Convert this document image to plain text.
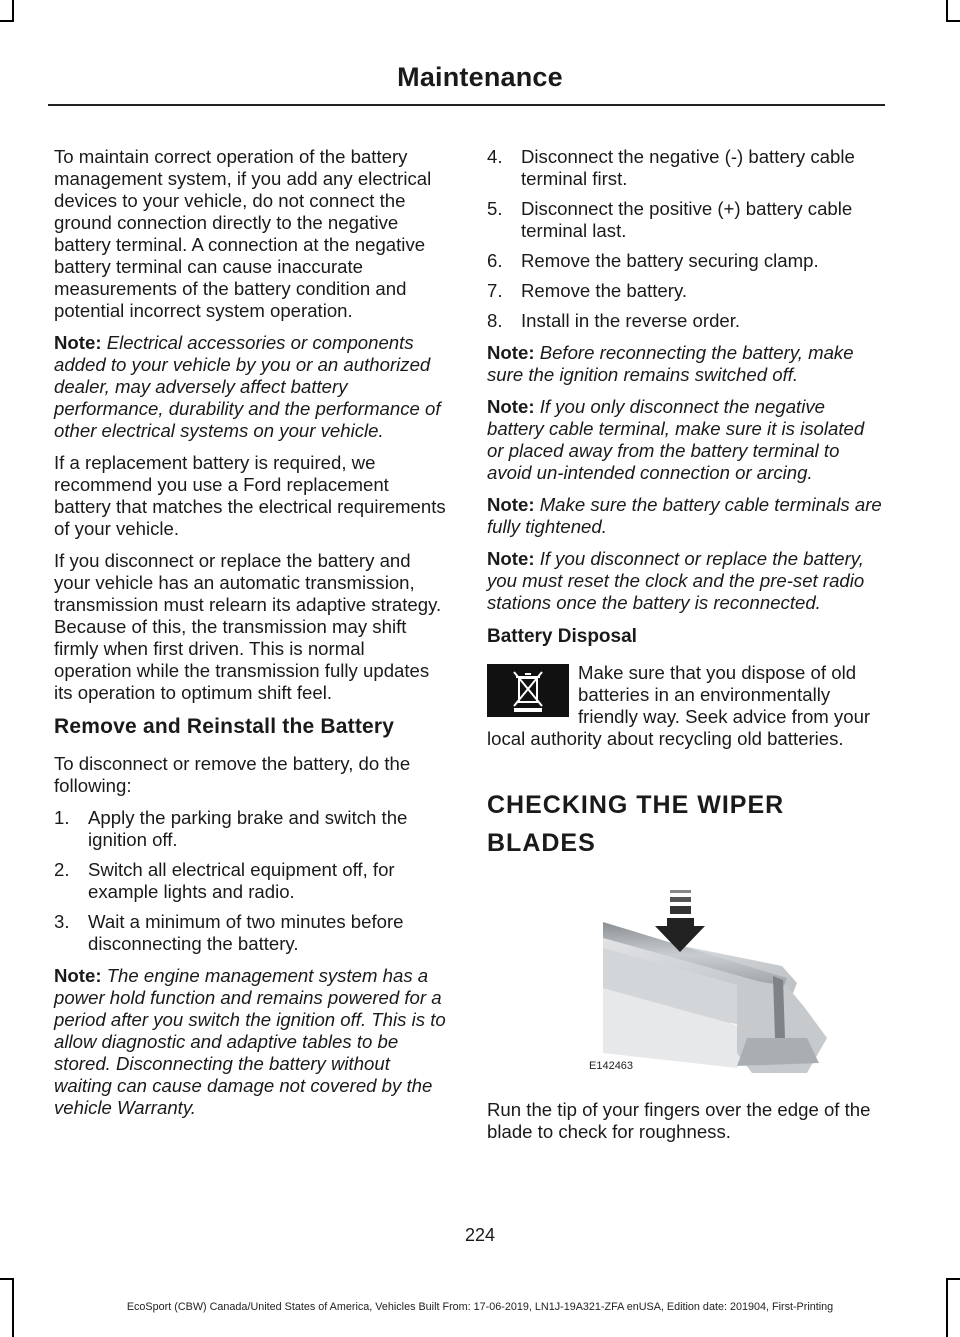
Maintenance

To maintain correct operation of the battery management system, if you add any electrical devices to your vehicle, do not connect the ground connection directly to the negative battery terminal. A connection at the negative battery terminal can cause inaccurate measurements of the battery condition and potential incorrect system operation.

Note: Electrical accessories or components added to your vehicle by you or an authorized dealer, may adversely affect battery performance, durability and the performance of other electrical systems on your vehicle.

If a replacement battery is required, we recommend you use a Ford replacement battery that matches the electrical requirements of your vehicle.

If you disconnect or replace the battery and your vehicle has an automatic transmission, transmission must relearn its adaptive strategy. Because of this, the transmission may shift firmly when first driven. This is normal operation while the transmission fully updates its operation to optimum shift feel.

Remove and Reinstall the Battery

To disconnect or remove the battery, do the following:

1. Apply the parking brake and switch the ignition off.
2. Switch all electrical equipment off, for example lights and radio.
3. Wait a minimum of two minutes before disconnecting the battery.

Note: The engine management system has a power hold function and remains powered for a period after you switch the ignition off. This is to allow diagnostic and adaptive tables to be stored. Disconnecting the battery without waiting can cause damage not covered by the vehicle Warranty.

4. Disconnect the negative (-) battery cable terminal first.
5. Disconnect the positive (+) battery cable terminal last.
6. Remove the battery securing clamp.
7. Remove the battery.
8. Install in the reverse order.

Note: Before reconnecting the battery, make sure the ignition remains switched off.

Note: If you only disconnect the negative battery cable terminal, make sure it is isolated or placed away from the battery terminal to avoid un-intended connection or arcing.

Note: Make sure the battery cable terminals are fully tightened.

Note: If you disconnect or replace the battery, you must reset the clock and the pre-set radio stations once the battery is reconnected.

Battery Disposal
Make sure that you dispose of old batteries in an environmentally friendly way. Seek advice from your local authority about recycling old batteries.
CHECKING THE WIPER
BLADES
E142463

Run the tip of your fingers over the edge of the blade to check for roughness.

224
EcoSport (CBW) Canada/United States of America, Vehicles Built From: 17-06-2019, LN1J-19A321-ZFA enUSA, Edition date: 201904, First-Printing
